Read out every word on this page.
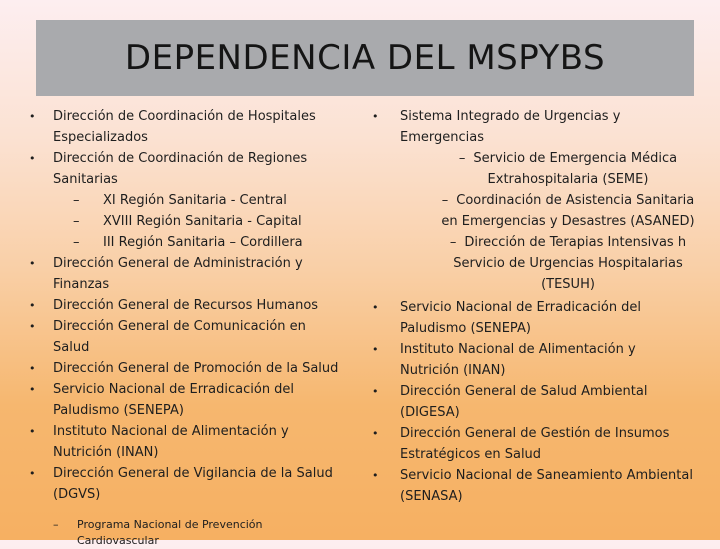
DEPENDENCIA DEL MSPYBS
• Dirección de Coordinación de Hospitales Especializados
• Dirección de Coordinación de Regiones Sanitarias
– XI Región Sanitaria - Central
– XVIII Región Sanitaria - Capital
– III Región Sanitaria – Cordillera
• Dirección General de Administración y Finanzas
• Dirección General de Recursos Humanos
• Dirección General de Comunicación en Salud
• Dirección General de Promoción de la Salud
• Servicio Nacional de Erradicación del Paludismo (SENEPA)
• Instituto Nacional de Alimentación y Nutrición (INAN)
• Dirección General de Vigilancia de la Salud (DGVS)
– Programa Nacional de Prevención Cardiovascular
• Sistema Integrado de Urgencias y Emergencias
– Servicio de Emergencia Médica Extrahospitalaria (SEME)
– Coordinación de Asistencia Sanitaria en Emergencias y Desastres (ASANED)
– Dirección de Terapias Intensivas h Servicio de Urgencias Hospitalarias (TESUH)
• Servicio Nacional de Erradicación del Paludismo (SENEPA)
• Instituto Nacional de Alimentación y Nutrición (INAN)
• Dirección General de Salud Ambiental (DIGESA)
• Dirección General de Gestión de Insumos Estratégicos en Salud
• Servicio Nacional de Saneamiento Ambiental (SENASA)
